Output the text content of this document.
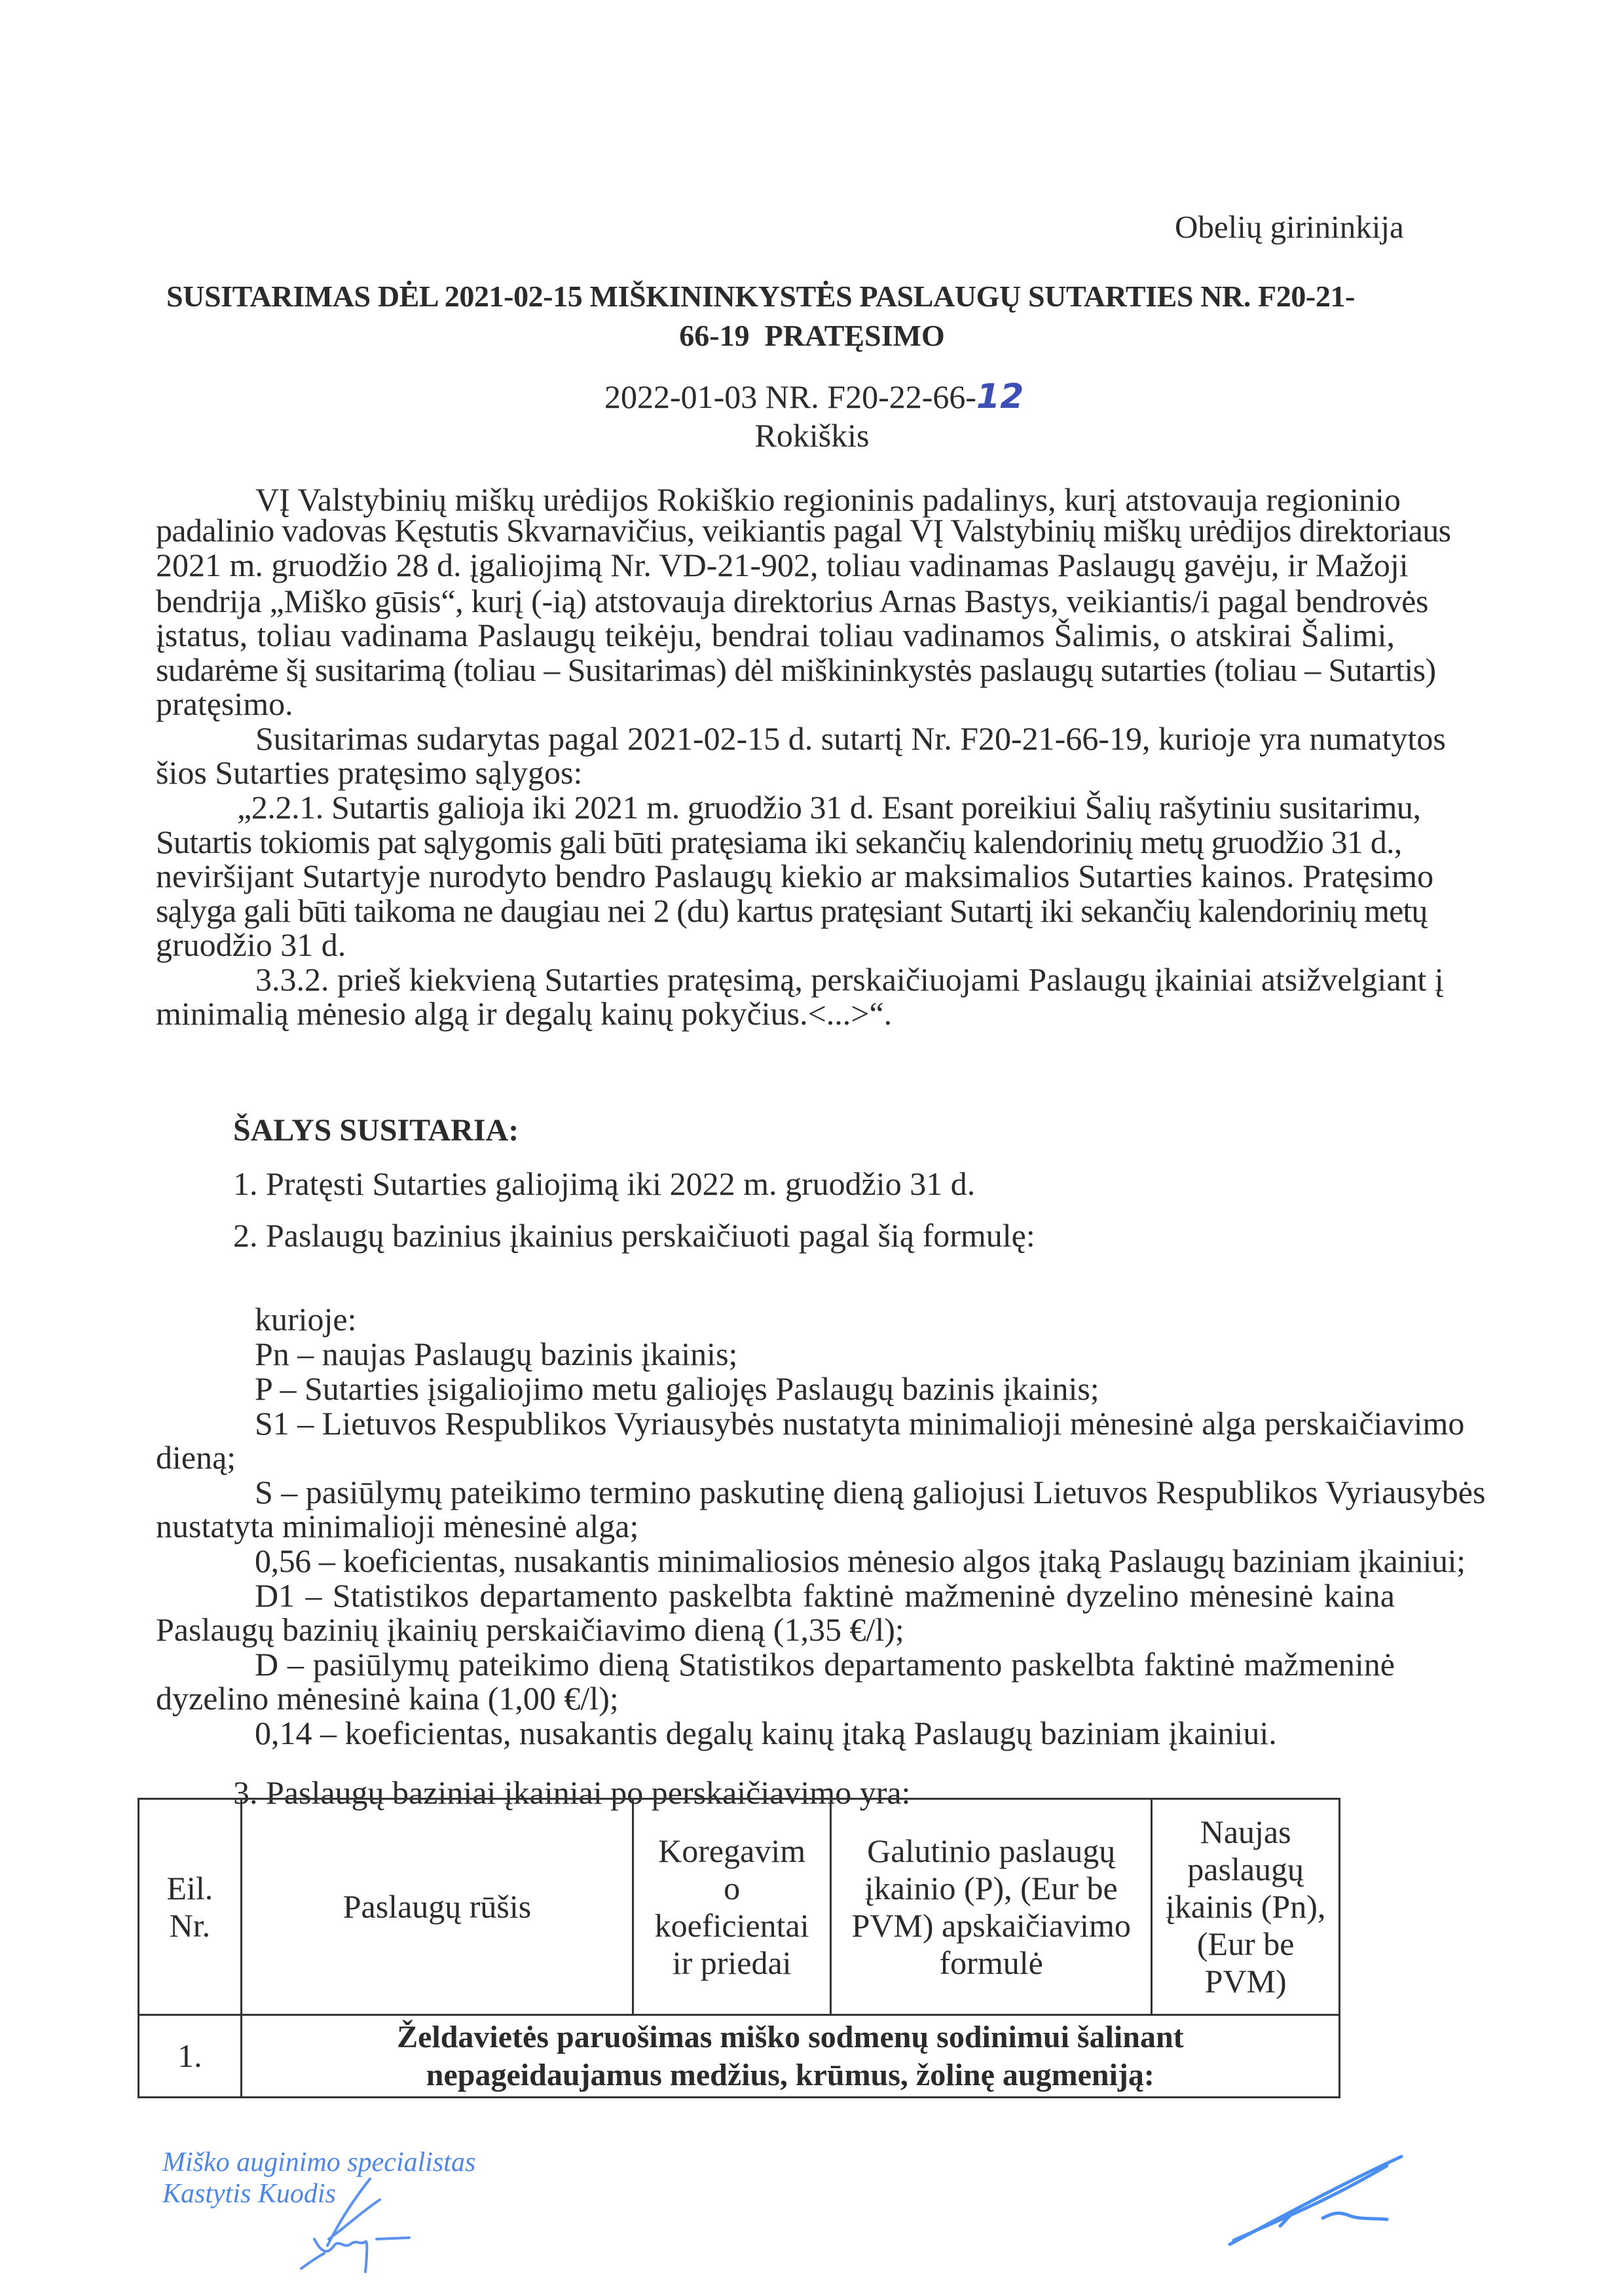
Obelių girininkija
SUSITARIMAS DĖL 2021-02-15 MIŠKININKYSTĖS PASLAUGŲ SUTARTIES NR. F20-21-
66-19  PRATĘSIMO
2022-01-03 NR. F20-22-66-12
Rokiškis
VĮ Valstybinių miškų urėdijos Rokiškio regioninis padalinys, kurį atstovauja regioninio
padalinio vadovas Kęstutis Skvarnavičius, veikiantis pagal VĮ Valstybinių miškų urėdijos direktoriaus
2021 m. gruodžio 28 d. įgaliojimą Nr. VD-21-902, toliau vadinamas Paslaugų gavėju, ir Mažoji
bendrija „Miško gūsis“, kurį (-ią) atstovauja direktorius Arnas Bastys, veikiantis/i pagal bendrovės
įstatus, toliau vadinama Paslaugų teikėju, bendrai toliau vadinamos Šalimis, o atskirai Šalimi,
sudarėme šį susitarimą (toliau – Susitarimas) dėl miškininkystės paslaugų sutarties (toliau – Sutartis)
pratęsimo.
Susitarimas sudarytas pagal 2021-02-15 d. sutartį Nr. F20-21-66-19, kurioje yra numatytos
šios Sutarties pratęsimo sąlygos:
„2.2.1. Sutartis galioja iki 2021 m. gruodžio 31 d. Esant poreikiui Šalių rašytiniu susitarimu,
Sutartis tokiomis pat sąlygomis gali būti pratęsiama iki sekančių kalendorinių metų gruodžio 31 d.,
neviršijant Sutartyje nurodyto bendro Paslaugų kiekio ar maksimalios Sutarties kainos. Pratęsimo
sąlyga gali būti taikoma ne daugiau nei 2 (du) kartus pratęsiant Sutartį iki sekančių kalendorinių metų
gruodžio 31 d.
3.3.2. prieš kiekvieną Sutarties pratęsimą, perskaičiuojami Paslaugų įkainiai atsižvelgiant į
minimalią mėnesio algą ir degalų kainų pokyčius.<...>“.
ŠALYS SUSITARIA:
1. Pratęsti Sutarties galiojimą iki 2022 m. gruodžio 31 d.
2. Paslaugų bazinius įkainius perskaičiuoti pagal šią formulę:
kurioje:
Pn – naujas Paslaugų bazinis įkainis;
P – Sutarties įsigaliojimo metu galiojęs Paslaugų bazinis įkainis;
S1 – Lietuvos Respublikos Vyriausybės nustatyta minimalioji mėnesinė alga perskaičiavimo
dieną;
S – pasiūlymų pateikimo termino paskutinę dieną galiojusi Lietuvos Respublikos Vyriausybės
nustatyta minimalioji mėnesinė alga;
0,56 – koeficientas, nusakantis minimaliosios mėnesio algos įtaką Paslaugų baziniam įkainiui;
D1 – Statistikos departamento paskelbta faktinė mažmeninė dyzelino mėnesinė kaina
Paslaugų bazinių įkainių perskaičiavimo dieną (1,35 €/l);
D – pasiūlymų pateikimo dieną Statistikos departamento paskelbta faktinė mažmeninė
dyzelino mėnesinė kaina (1,00 €/l);
0,14 – koeficientas, nusakantis degalų kainų įtaką Paslaugų baziniam įkainiui.
3. Paslaugų baziniai įkainiai po perskaičiavimo yra:
Eil.
Nr.

Paslaugų rūšis

Koregavim
o
koeficientai
ir priedai

Galutinio paslaugų
įkainio (P), (Eur be
PVM) apskaičiavimo
formulė

Naujas
paslaugų
įkainis (Pn),
(Eur be
PVM)

1.	Želdavietės paruošimas miško sodmenų sodinimui šalinant
nepageidaujamus medžius, krūmus, žolinę augmeniją:			
Miško auginimo specialistas
Kastytis Kuodis
